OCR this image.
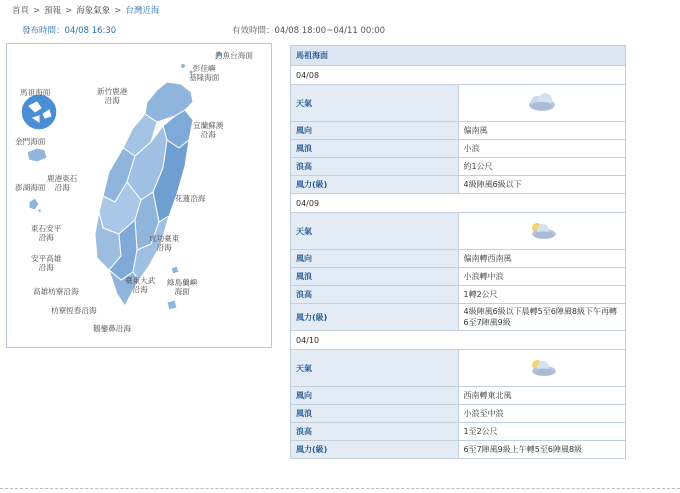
首頁 > 預報 > 海象氣象 > 台灣近海
發布時間：04/08 16:30	有效時間：04/08 18:00~04/11 00:00
釣魚台海面
彭佳嶼
基隆海面
新竹鹿港
沿海
宜蘭蘇澳
沿海
馬祖海面
金門海面
鹿港東石
沿海
澎湖海面
花蓮沿海
東石安平
沿海	成功臺東
沿海
安平高雄
沿海
綠島蘭嶼
海面
臺東大武
沿海
高雄枋寮沿海
枋寮恆春沿海
鵝鑾鼻沿海
馬祖海面	
04/08	
天氣	

風向	偏南風
風浪	小浪
浪高	約1公尺
風力(級)	4級陣風6級以下
04/09	
天氣	

風向	偏南轉西南風
風浪	小浪轉中浪
浪高	1轉2公尺
風力(級)	4級陣風6級以下晨轉5至6陣風8級下午再轉6至7陣風9級
04/10	
天氣	

風向	西南轉東北風
風浪	小浪至中浪
浪高	1至2公尺
風力(級)	6至7陣風9級上午轉5至6陣風8級
